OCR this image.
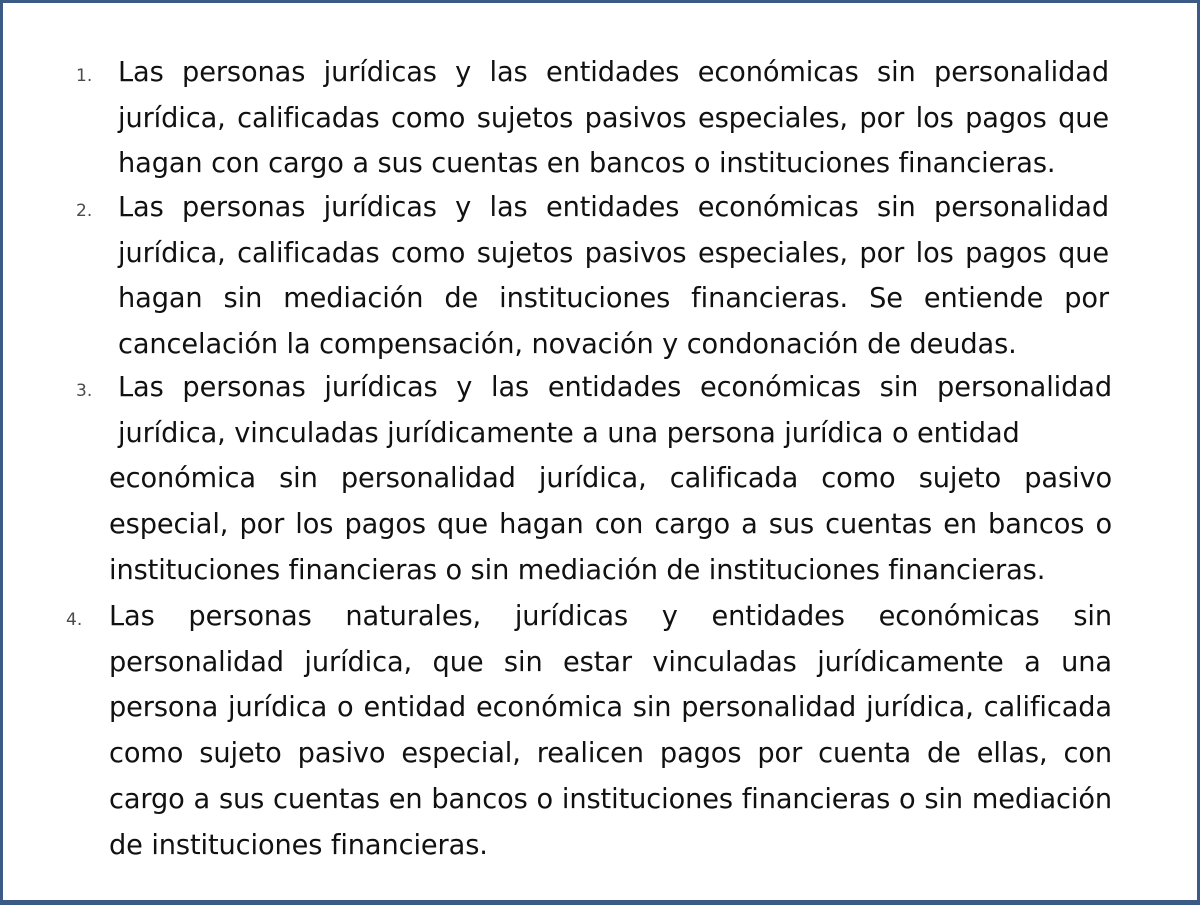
1. Las personas jurídicas y las entidades económicas sin personalidad jurídica, calificadas como sujetos pasivos especiales, por los pagos que hagan con cargo a sus cuentas en bancos o instituciones financieras.
2. Las personas jurídicas y las entidades económicas sin personalidad jurídica, calificadas como sujetos pasivos especiales, por los pagos que hagan sin mediación de instituciones financieras. Se entiende por cancelación la compensación, novación y condonación de deudas.
3. Las personas jurídicas y las entidades económicas sin personalidad jurídica, vinculadas jurídicamente a una persona jurídica o entidad
económica sin personalidad jurídica, calificada como sujeto pasivo especial, por los pagos que hagan con cargo a sus cuentas en bancos o instituciones financieras o sin mediación de instituciones financieras.
4. Las personas naturales, jurídicas y entidades económicas sin personalidad jurídica, que sin estar vinculadas jurídicamente a una persona jurídica o entidad económica sin personalidad jurídica, calificada como sujeto pasivo especial, realicen pagos por cuenta de ellas, con cargo a sus cuentas en bancos o instituciones financieras o sin mediación de instituciones financieras.
